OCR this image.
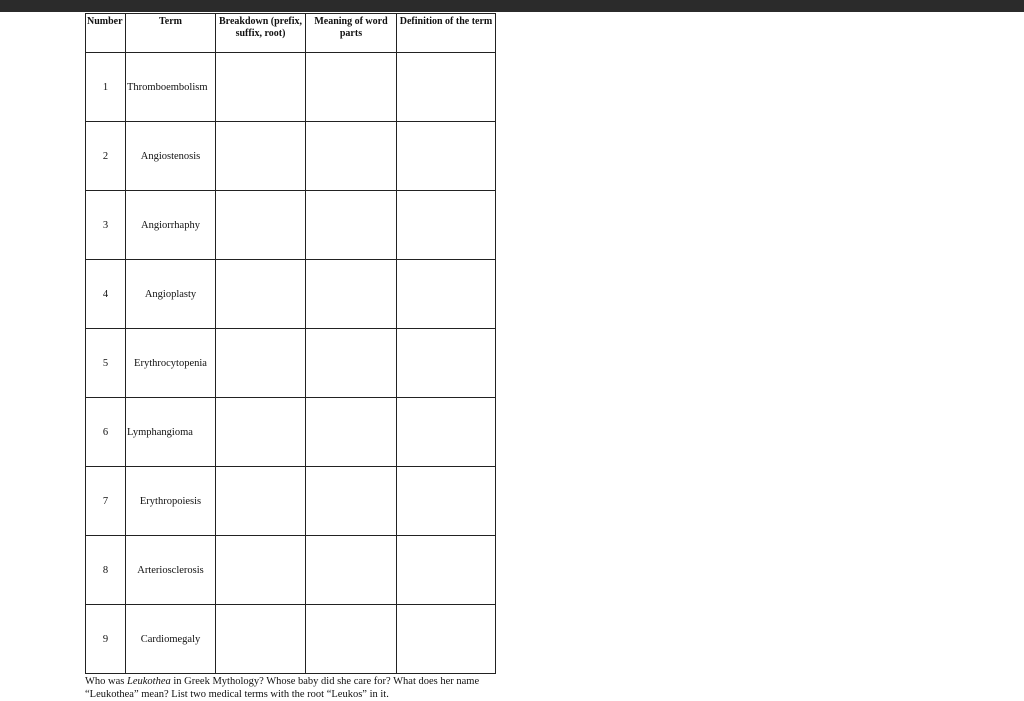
Number	Term	Breakdown (prefix, suffix, root)	Meaning of word parts	Definition of the term
1	Thromboembolism			
2	Angiostenosis			
3	Angiorrhaphy			
4	Angioplasty			
5	Erythrocytopenia			
6	Lymphangioma			
7	Erythropoiesis			
8	Arteriosclerosis			
9	Cardiomegaly			
Who was Leukothea in Greek Mythology? Whose baby did she care for? What does her name “Leukothea” mean? List two medical terms with the root “Leukos” in it.
